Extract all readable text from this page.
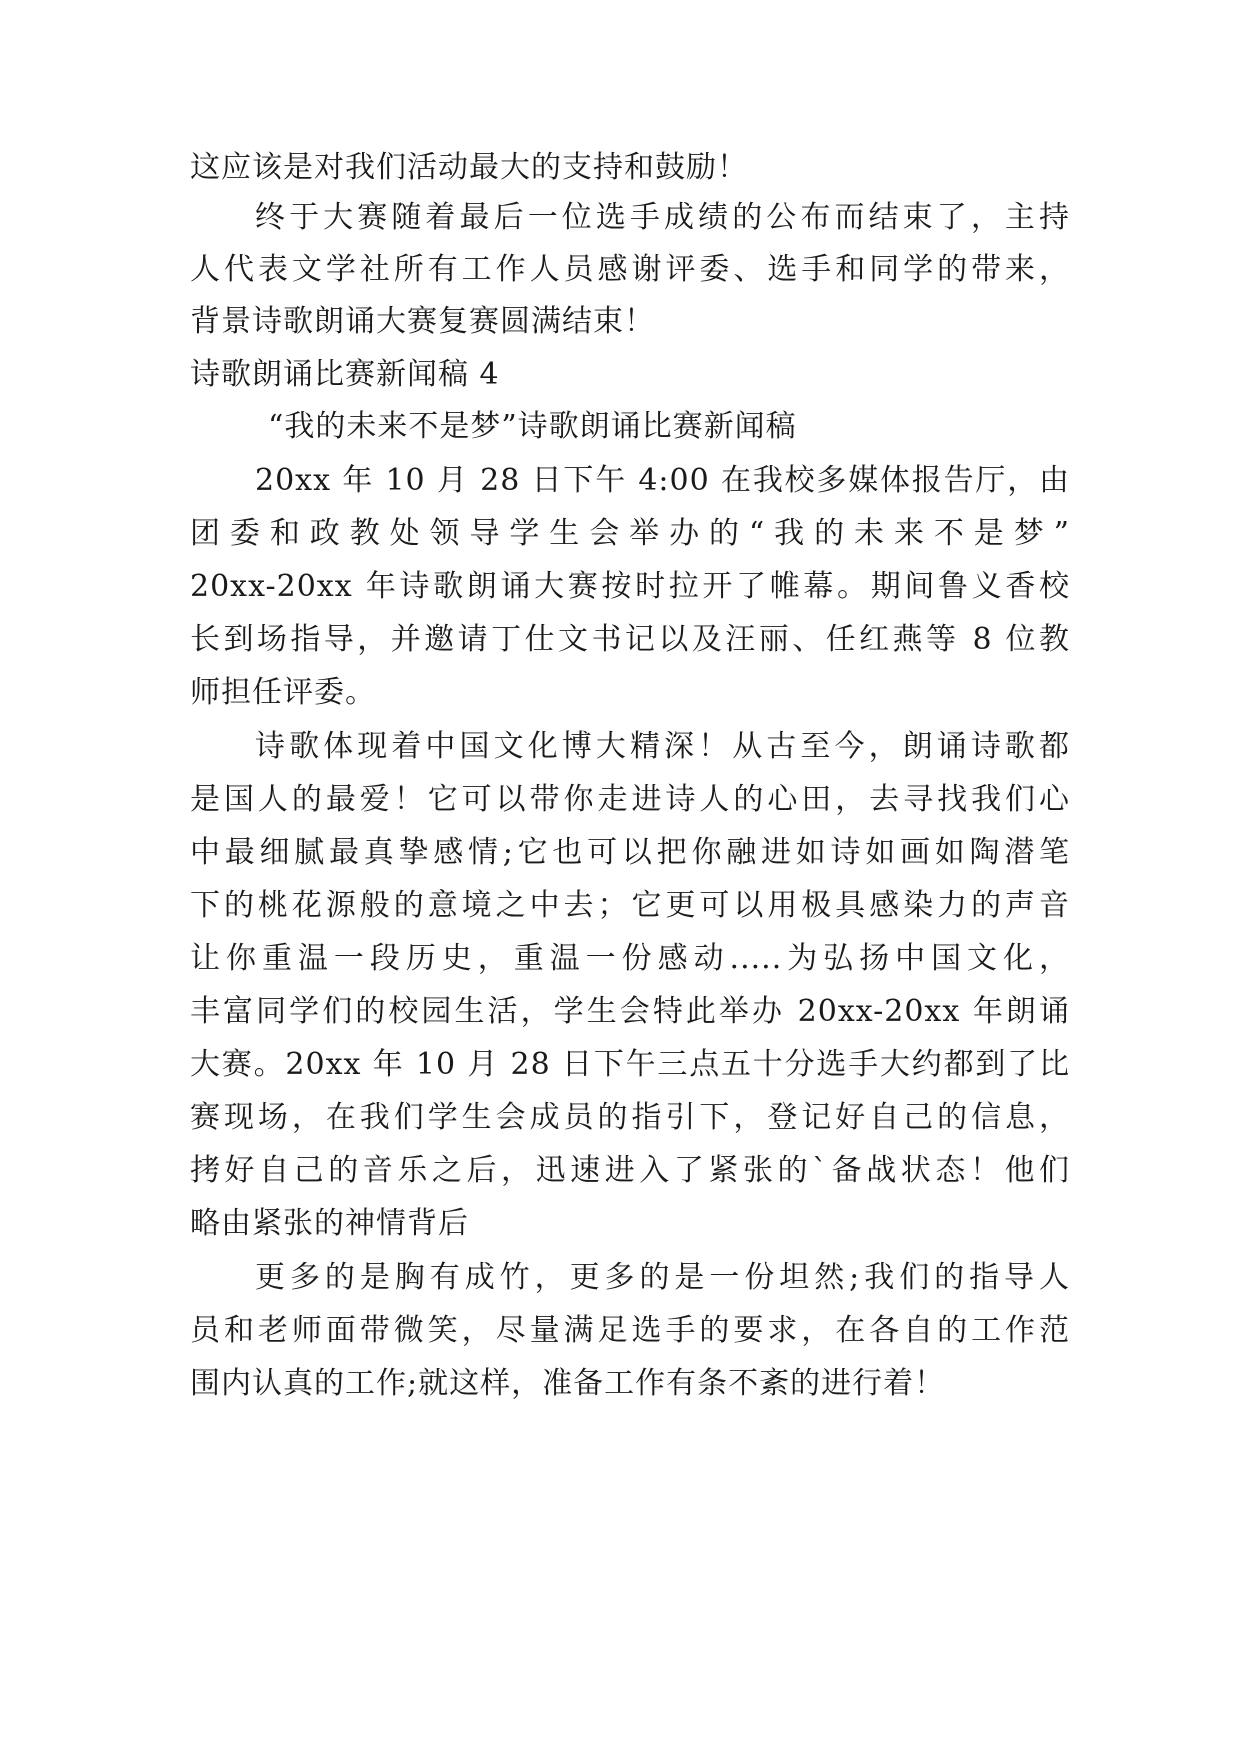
这应该是对我们活动最大的支持和鼓励！
终于大赛随着最后一位选手成绩的公布而结束了，主持
人代表文学社所有工作人员感谢评委、选手和同学的带来，
背景诗歌朗诵大赛复赛圆满结束！
诗歌朗诵比赛新闻稿 4
“我的未来不是梦”诗歌朗诵比赛新闻稿
20xx 年 10 月 28 日下午 4:00 在我校多媒体报告厅，由
团委和政教处领导学生会举办的“我的未来不是梦”
20xx-20xx 年诗歌朗诵大赛按时拉开了帷幕。期间鲁义香校
长到场指导，并邀请丁仕文书记以及汪丽、任红燕等 8 位教
师担任评委。
诗歌体现着中国文化博大精深！从古至今，朗诵诗歌都
是国人的最爱！它可以带你走进诗人的心田，去寻找我们心
中最细腻最真挚感情;它也可以把你融进如诗如画如陶潜笔
下的桃花源般的意境之中去；它更可以用极具感染力的声音
让你重温一段历史，重温一份感动.....为弘扬中国文化，
丰富同学们的校园生活，学生会特此举办 20xx-20xx 年朗诵
大赛。20xx 年 10 月 28 日下午三点五十分选手大约都到了比
赛现场，在我们学生会成员的指引下，登记好自己的信息，
拷好自己的音乐之后，迅速进入了紧张的`备战状态！他们
略由紧张的神情背后
更多的是胸有成竹，更多的是一份坦然;我们的指导人
员和老师面带微笑，尽量满足选手的要求，在各自的工作范
围内认真的工作;就这样，准备工作有条不紊的进行着！
